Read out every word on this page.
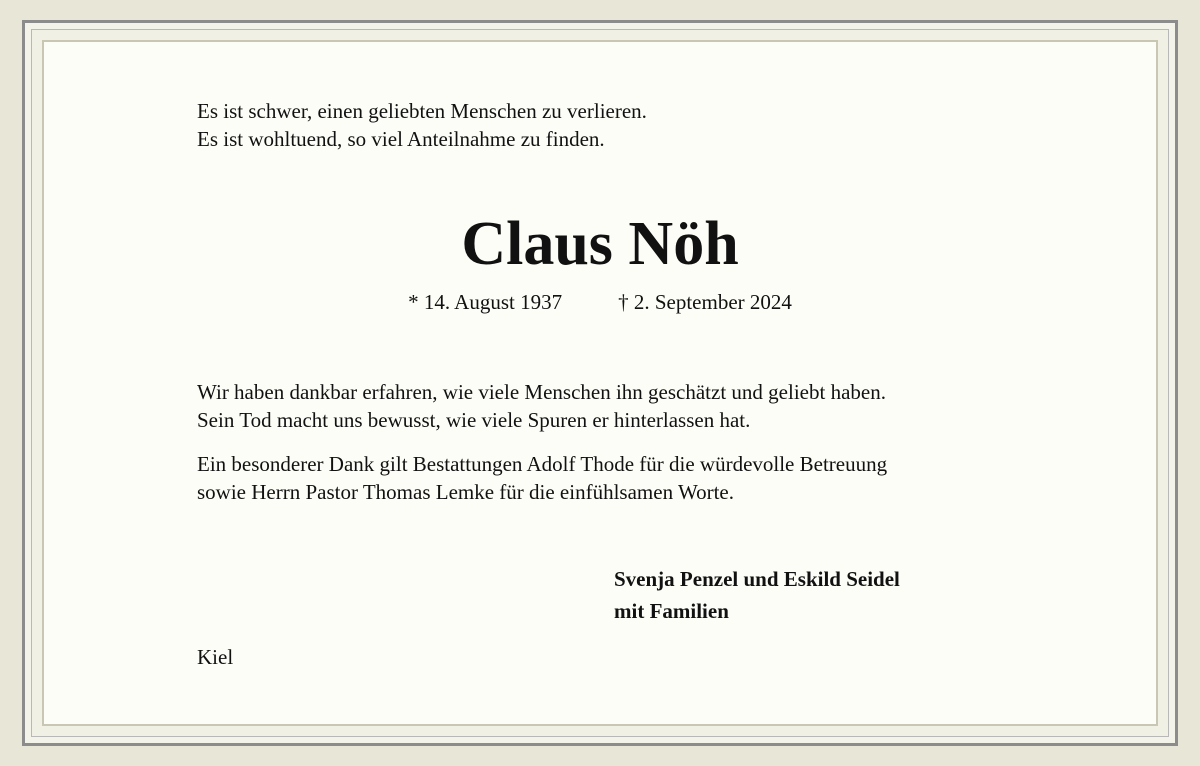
Es ist schwer, einen geliebten Menschen zu verlieren.
Es ist wohltuend, so viel Anteilnahme zu finden.
Claus Nöh
* 14. August 1937	† 2. September 2024
Wir haben dankbar erfahren, wie viele Menschen ihn geschätzt und geliebt haben.
Sein Tod macht uns bewusst, wie viele Spuren er hinterlassen hat.
Ein besonderer Dank gilt Bestattungen Adolf Thode für die würdevolle Betreuung
sowie Herrn Pastor Thomas Lemke für die einfühlsamen Worte.
Svenja Penzel und Eskild Seidel
mit Familien
Kiel
